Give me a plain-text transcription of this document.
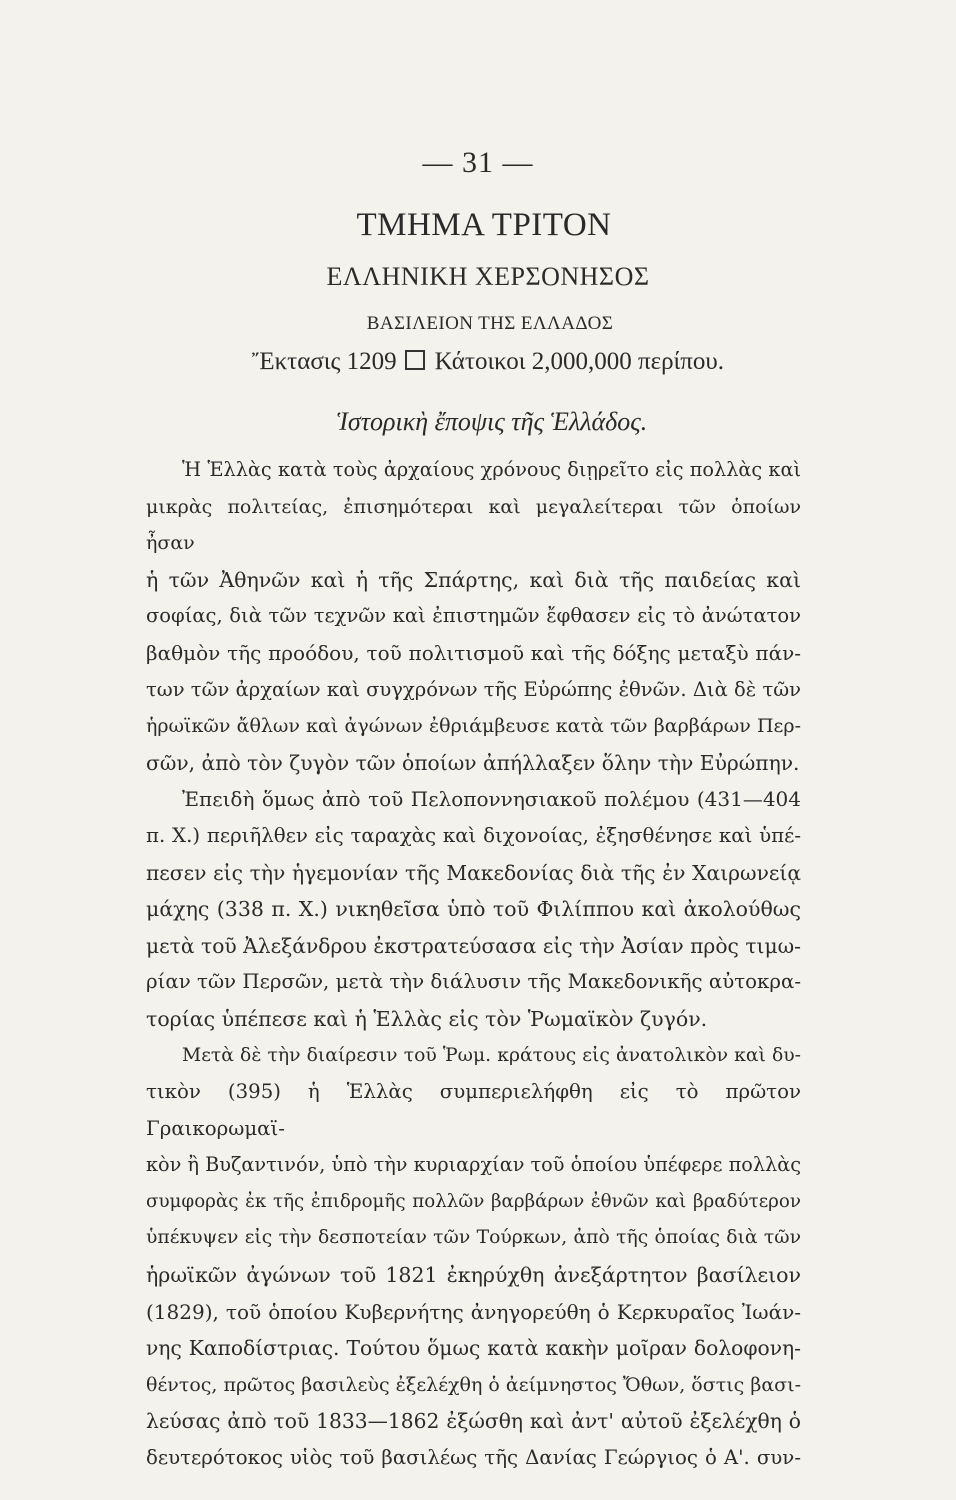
— 31 —
ΤΜΗΜΑ ΤΡΙΤΟΝ
ΕΛΛΗΝΙΚΗ ΧΕΡΣΟΝΗΣΟΣ
ΒΑΣΙΛΕΙΟΝ ΤΗΣ ΕΛΛΑΔΟΣ
Ἔκτασις 1209 Κάτοικοι 2,000,000 περίπου.
Ἱστορικὴ ἔποψις τῆς Ἑλλάδος.
Ἡ Ἑλλὰς κατὰ τοὺς ἀρχαίους χρόνους διῃρεῖτο εἰς πολλὰς καὶ
μικρὰς πολιτείας, ἐπισημότεραι καὶ μεγαλείτεραι τῶν ὁποίων ἦσαν
ἡ τῶν Ἀθηνῶν καὶ ἡ τῆς Σπάρτης, καὶ διὰ τῆς παιδείας καὶ
σοφίας, διὰ τῶν τεχνῶν καὶ ἐπιστημῶν ἔφθασεν εἰς τὸ ἀνώτατον
βαθμὸν τῆς προόδου, τοῦ πολιτισμοῦ καὶ τῆς δόξης μεταξὺ πάν-
των τῶν ἀρχαίων καὶ συγχρόνων τῆς Εὐρώπης ἐθνῶν. Διὰ δὲ τῶν
ἡρωϊκῶν ἄθλων καὶ ἀγώνων ἐθριάμβευσε κατὰ τῶν βαρβάρων Περ-
σῶν, ἀπὸ τὸν ζυγὸν τῶν ὁποίων ἀπήλλαξεν ὅλην τὴν Εὐρώπην.
Ἐπειδὴ ὅμως ἀπὸ τοῦ Πελοποννησιακοῦ πολέμου (431—404
π. Χ.) περιῆλθεν εἰς ταραχὰς καὶ διχονοίας, ἐξησθένησε καὶ ὑπέ-
πεσεν εἰς τὴν ἡγεμονίαν τῆς Μακεδονίας διὰ τῆς ἐν Χαιρωνείᾳ
μάχης (338 π. Χ.) νικηθεῖσα ὑπὸ τοῦ Φιλίππου καὶ ἀκολούθως
μετὰ τοῦ Ἀλεξάνδρου ἐκστρατεύσασα εἰς τὴν Ἀσίαν πρὸς τιμω-
ρίαν τῶν Περσῶν, μετὰ τὴν διάλυσιν τῆς Μακεδονικῆς αὐτοκρα-
τορίας ὑπέπεσε καὶ ἡ Ἑλλὰς εἰς τὸν Ῥωμαϊκὸν ζυγόν.
Μετὰ δὲ τὴν διαίρεσιν τοῦ Ῥωμ. κράτους εἰς ἀνατολικὸν καὶ δυ-
τικὸν (395) ἡ Ἑλλὰς συμπεριελήφθη εἰς τὸ πρῶτον Γραικορωμαϊ-
κὸν ἢ Βυζαντινόν, ὑπὸ τὴν κυριαρχίαν τοῦ ὁποίου ὑπέφερε πολλὰς
συμφορὰς ἐκ τῆς ἐπιδρομῆς πολλῶν βαρβάρων ἐθνῶν καὶ βραδύτερον
ὑπέκυψεν εἰς τὴν δεσποτείαν τῶν Τούρκων, ἀπὸ τῆς ὁποίας διὰ τῶν
ἡρωϊκῶν ἀγώνων τοῦ 1821 ἐκηρύχθη ἀνεξάρτητον βασίλειον
(1829), τοῦ ὁποίου Κυβερνήτης ἀνηγορεύθη ὁ Κερκυραῖος Ἰωάν-
νης Καποδίστριας. Τούτου ὅμως κατὰ κακὴν μοῖραν δολοφονη-
θέντος, πρῶτος βασιλεὺς ἐξελέχθη ὁ ἀείμνηστος Ὄθων, ὅστις βασι-
λεύσας ἀπὸ τοῦ 1833—1862 ἐξώσθη καὶ ἀντ' αὐτοῦ ἐξελέχθη ὁ
δευτερότοκος υἱὸς τοῦ βασιλέως τῆς Δανίας Γεώργιος ὁ Α'. συν-
